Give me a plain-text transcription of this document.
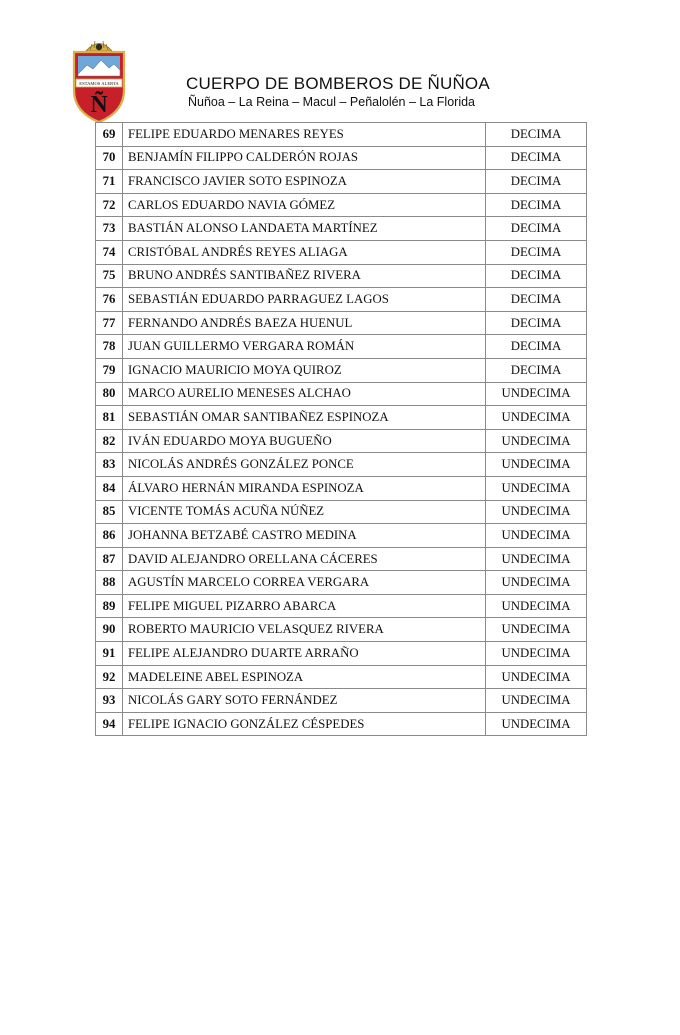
ESTAMOS ALERTA
Ñ
CUERPO DE BOMBEROS DE ÑUÑOA
Ñuñoa – La Reina – Macul – Peñalolén – La Florida
69	FELIPE EDUARDO MENARES REYES	DECIMA
70	BENJAMÍN FILIPPO CALDERÓN ROJAS	DECIMA
71	FRANCISCO JAVIER SOTO ESPINOZA	DECIMA
72	CARLOS EDUARDO NAVIA GÓMEZ	DECIMA
73	BASTIÁN ALONSO LANDAETA MARTÍNEZ	DECIMA
74	CRISTÓBAL ANDRÉS REYES ALIAGA	DECIMA
75	BRUNO ANDRÉS SANTIBAÑEZ RIVERA	DECIMA
76	SEBASTIÁN EDUARDO PARRAGUEZ LAGOS	DECIMA
77	FERNANDO ANDRÉS BAEZA HUENUL	DECIMA
78	JUAN GUILLERMO VERGARA ROMÁN	DECIMA
79	IGNACIO MAURICIO MOYA QUIROZ	DECIMA
80	MARCO AURELIO MENESES ALCHAO	UNDECIMA
81	SEBASTIÁN OMAR SANTIBAÑEZ ESPINOZA	UNDECIMA
82	IVÁN EDUARDO MOYA BUGUEÑO	UNDECIMA
83	NICOLÁS ANDRÉS GONZÁLEZ PONCE	UNDECIMA
84	ÁLVARO HERNÁN MIRANDA ESPINOZA	UNDECIMA
85	VICENTE TOMÁS ACUÑA NÚÑEZ	UNDECIMA
86	JOHANNA BETZABÉ CASTRO MEDINA	UNDECIMA
87	DAVID ALEJANDRO ORELLANA CÁCERES	UNDECIMA
88	AGUSTÍN MARCELO CORREA VERGARA	UNDECIMA
89	FELIPE MIGUEL PIZARRO ABARCA	UNDECIMA
90	ROBERTO MAURICIO VELASQUEZ RIVERA	UNDECIMA
91	FELIPE ALEJANDRO DUARTE ARRAÑO	UNDECIMA
92	MADELEINE ABEL ESPINOZA	UNDECIMA
93	NICOLÁS GARY SOTO FERNÁNDEZ	UNDECIMA
94	FELIPE IGNACIO GONZÁLEZ CÉSPEDES	UNDECIMA
